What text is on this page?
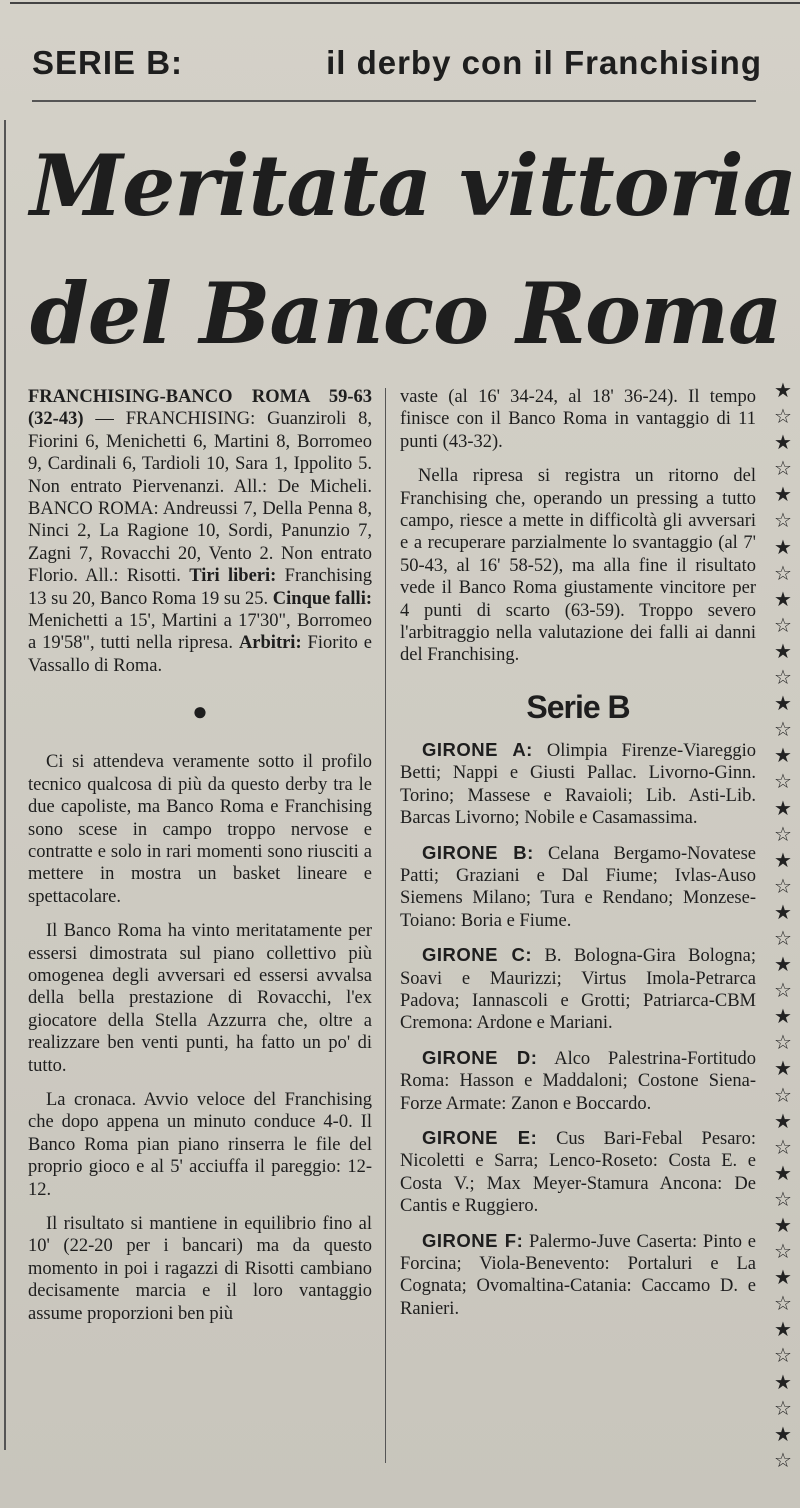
SERIE B:	il derby con il Franchising
Meritata vittoria
del Banco Roma

FRANCHISING-BANCO ROMA 59-63 (32-43) — FRANCHISING: Guanziroli 8, Fiorini 6, Menichetti 6, Martini 8, Borromeo 9, Cardinali 6, Tardioli 10, Sara 1, Ippolito 5. Non entrato Piervenanzi. All.: De Micheli. BANCO ROMA: Andreussi 7, Della Penna 8, Ninci 2, La Ragione 10, Sordi, Panunzio 7, Zagni 7, Rovacchi 20, Vento 2. Non entrato Florio. All.: Risotti. Tiri liberi: Franchising 13 su 20, Banco Roma 19 su 25. Cinque falli: Menichetti a 15', Martini a 17'30", Borromeo a 19'58", tutti nella ripresa. Arbitri: Fiorito e Vassallo di Roma.

●

Ci si attendeva veramente sotto il profilo tecnico qualcosa di più da questo derby tra le due capoliste, ma Banco Roma e Franchising sono scese in campo troppo nervose e contratte e solo in rari momenti sono riusciti a mettere in mostra un basket lineare e spettacolare.

Il Banco Roma ha vinto meritatamente per essersi dimostrata sul piano collettivo più omogenea degli avversari ed essersi avvalsa della bella prestazione di Rovacchi, l'ex giocatore della Stella Azzurra che, oltre a realizzare ben venti punti, ha fatto un po' di tutto.

La cronaca. Avvio veloce del Franchising che dopo appena un minuto conduce 4-0. Il Banco Roma pian piano rinserra le file del proprio gioco e al 5' acciuffa il pareggio: 12-12.

Il risultato si mantiene in equilibrio fino al 10' (22-20 per i bancari) ma da questo momento in poi i ragazzi di Risotti cambiano decisamente marcia e il loro vantaggio assume proporzioni ben più

vaste (al 16' 34-24, al 18' 36-24). Il tempo finisce con il Banco Roma in vantaggio di 11 punti (43-32).

Nella ripresa si registra un ritorno del Franchising che, operando un pressing a tutto campo, riesce a mette in difficoltà gli avversari e a recuperare parzialmente lo svantaggio (al 7' 50-43, al 16' 58-52), ma alla fine il risultato vede il Banco Roma giustamente vincitore per 4 punti di scarto (63-59). Troppo severo l'arbitraggio nella valutazione dei falli ai danni del Franchising.

Serie B

GIRONE A: Olimpia Firenze-Viareggio Betti; Nappi e Giusti Pallac. Livorno-Ginn. Torino; Massese e Ravaioli; Lib. Asti-Lib. Barcas Livorno; Nobile e Casamassima.

GIRONE B: Celana Bergamo-Novatese Patti; Graziani e Dal Fiume; Ivlas-Auso Siemens Milano; Tura e Rendano; Monzese-Toiano: Boria e Fiume.

GIRONE C: B. Bologna-Gira Bologna; Soavi e Maurizzi; Virtus Imola-Petrarca Padova; Iannascoli e Grotti; Patriarca-CBM Cremona: Ardone e Mariani.

GIRONE D: Alco Palestrina-Fortitudo Roma: Hasson e Maddaloni; Costone Siena-Forze Armate: Zanon e Boccardo.

GIRONE E: Cus Bari-Febal Pesaro: Nicoletti e Sarra; Lenco-Roseto: Costa E. e Costa V.; Max Meyer-Stamura Ancona: De Cantis e Ruggiero.

GIRONE F: Palermo-Juve Caserta: Pinto e Forcina; Viola-Benevento: Portaluri e La Cognata; Ovomaltina-Catania: Caccamo D. e Ranieri.

★
☆
★
☆
★
☆
★
☆
★
☆
★
☆
★
☆
★
☆
★
☆
★
☆
★
☆
★
☆
★
☆
★
☆
★
☆
★
☆
★
☆
★
☆
★
☆
★
☆
★
☆
